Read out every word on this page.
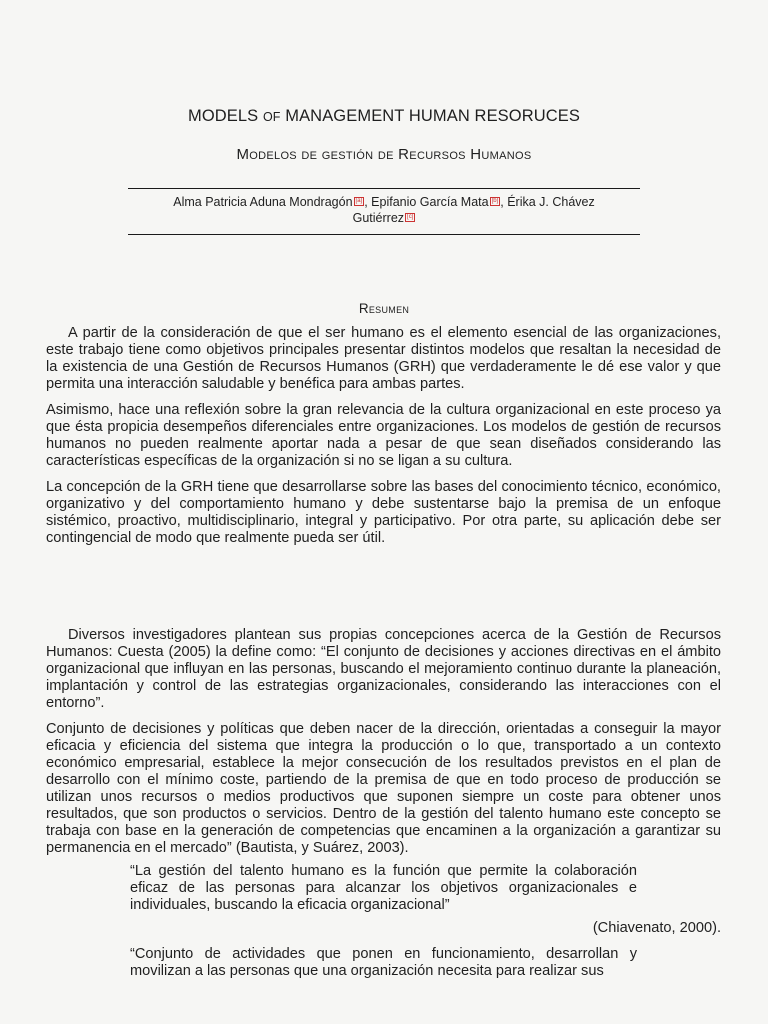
MODELS OF MANAGEMENT HUMAN RESORUCES
Modelos de gestión de Recursos Humanos
Alma Patricia Aduna Mondragón [a] , Epifanio García Mata [b] , Érika J. Chávez Gutiérrez [c]
Resumen
A partir de la consideración de que el ser humano es el elemento esencial de las organizaciones, este trabajo tiene como objetivos principales presentar distintos modelos que resaltan la necesidad de la existencia de una Gestión de Recursos Humanos (GRH) que verdaderamente le dé ese valor y que permita una interacción saludable y benéfica para ambas partes.
Asimismo, hace una reflexión sobre la gran relevancia de la cultura organizacional en este proceso ya que ésta propicia desempeños diferenciales entre organizaciones. Los modelos de gestión de recursos humanos no pueden realmente aportar nada a pesar de que sean diseñados considerando las características específicas de la organización si no se ligan a su cultura.
La concepción de la GRH tiene que desarrollarse sobre las bases del conocimiento técnico, económico, organizativo y del comportamiento humano y debe sustentarse bajo la premisa de un enfoque sistémico, proactivo, multidisciplinario, integral y participativo. Por otra parte, su aplicación debe ser contingencial de modo que realmente pueda ser útil.
Diversos investigadores plantean sus propias concepciones acerca de la Gestión de Recursos Humanos: Cuesta (2005) la define como: “El conjunto de decisiones y acciones directivas en el ámbito organizacional que influyan en las personas, buscando el mejoramiento continuo durante la planeación, implantación y control de las estrategias organizacionales, considerando las interacciones con el entorno”.
Conjunto de decisiones y políticas que deben nacer de la dirección, orientadas a conseguir la mayor eficacia y eficiencia del sistema que integra la producción o lo que, transportado a un contexto económico empresarial, establece la mejor consecución de los resultados previstos en el plan de desarrollo con el mínimo coste, partiendo de la premisa de que en todo proceso de producción se utilizan unos recursos o medios productivos que suponen siempre un coste para obtener unos resultados, que son productos o servicios. Dentro de la gestión del talento humano este concepto se trabaja con base en la generación de competencias que encaminen a la organización a garantizar su permanencia en el mercado” (Bautista, y Suárez, 2003).
“La gestión del talento humano es la función que permite la colaboración eficaz de las personas para alcanzar los objetivos organizacionales e individuales, buscando la eficacia organizacional”
(Chiavenato, 2000).
“Conjunto de actividades que ponen en funcionamiento, desarrollan y movilizan a las personas que una organización necesita para realizar sus
